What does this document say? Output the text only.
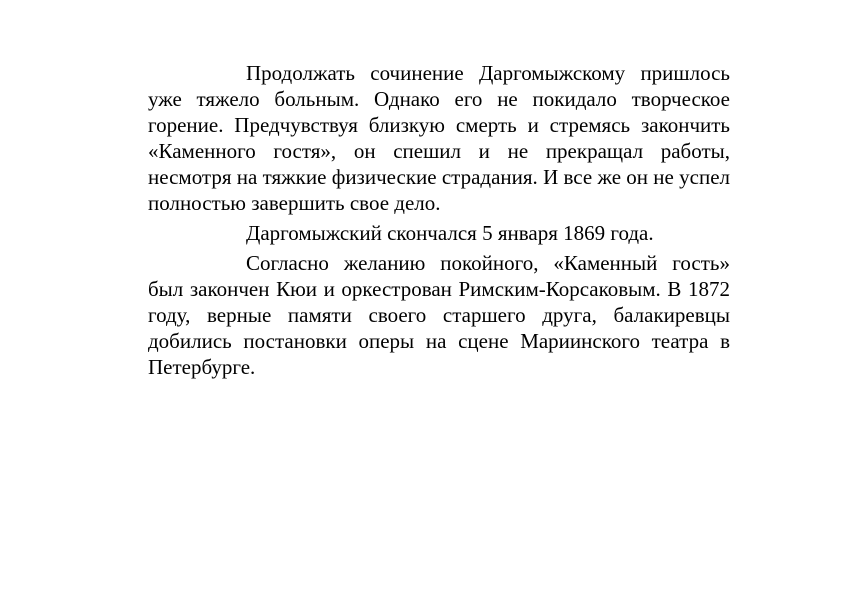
Продолжать сочинение Даргомыжскому пришлось уже тяжело больным. Однако его не покидало творческое горение. Предчувствуя близкую смерть и стремясь закончить «Каменного гостя», он спешил и не прекращал работы, несмотря на тяжкие физические страдания. И все же он не успел полностью завершить свое дело.

Даргомыжский скончался 5 января 1869 года.

Согласно желанию покойного, «Каменный гость» был закончен Кюи и оркестрован Римским-Корсаковым. В 1872 году, верные памяти своего старшего друга, балакиревцы добились постановки оперы на сцене Мариинского театра в Петербурге.
